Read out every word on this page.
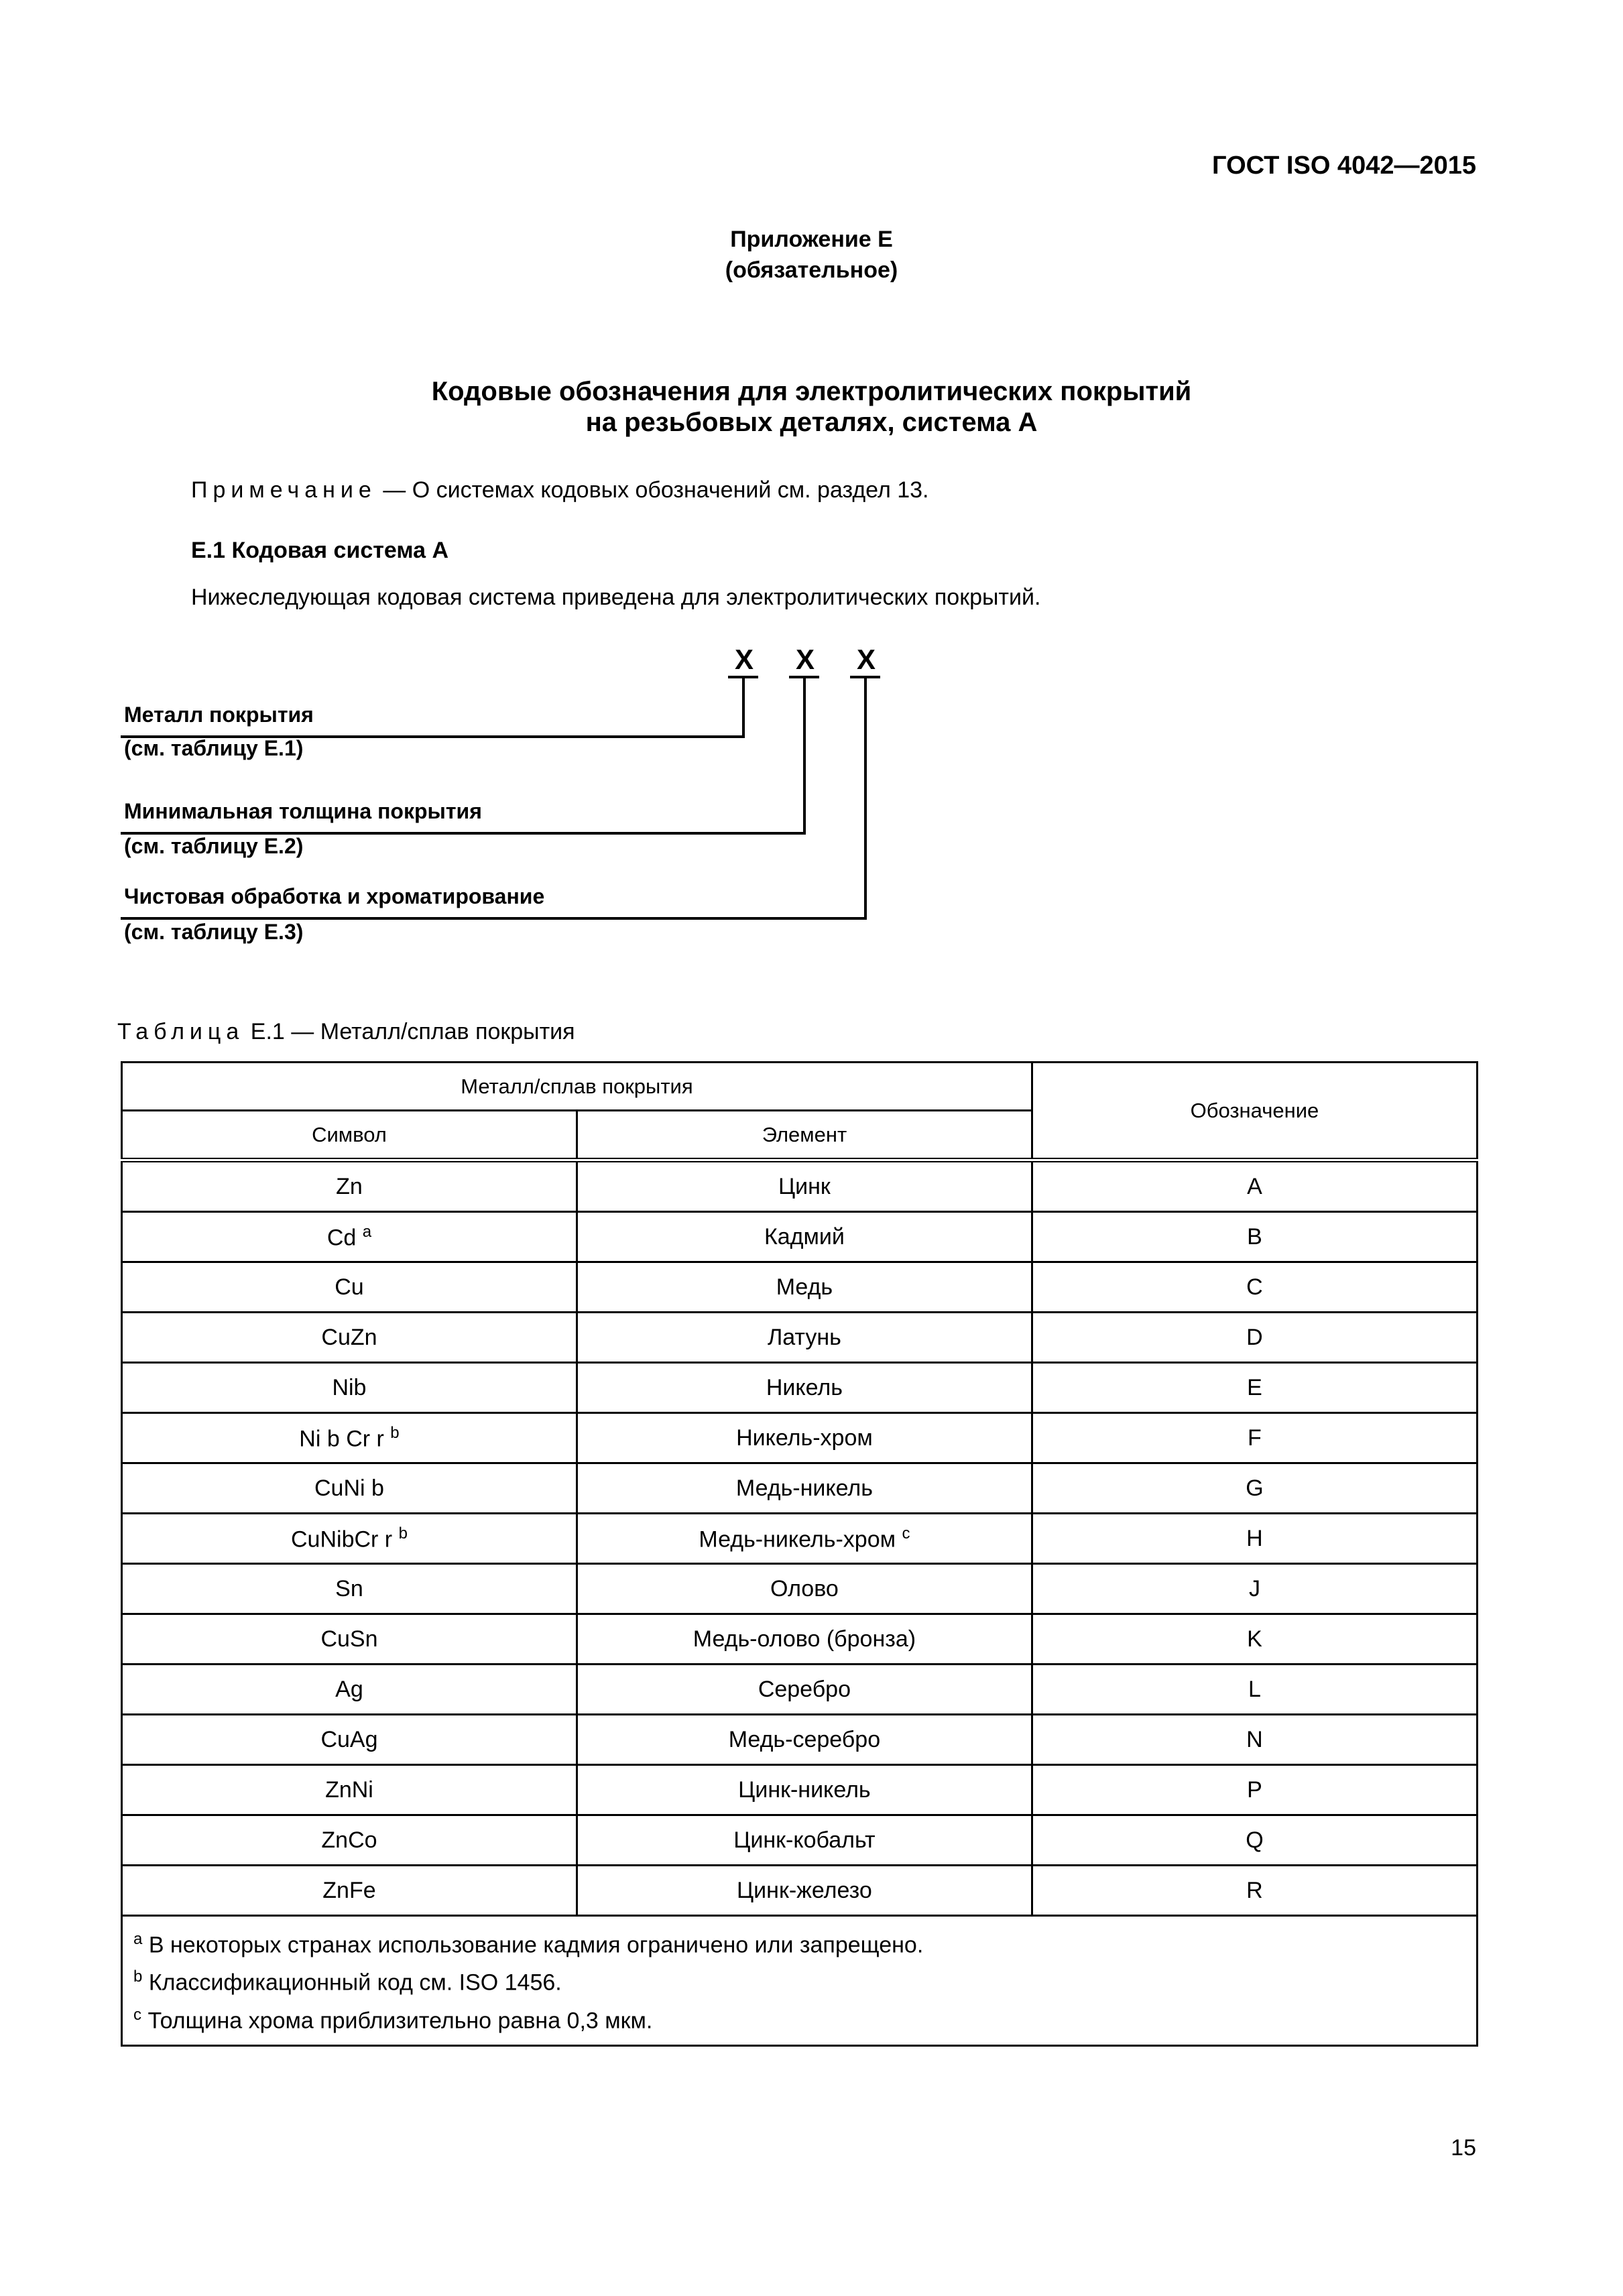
ГОСТ ISO 4042—2015
Приложение Е
(обязательное)
Кодовые обозначения для электролитических покрытий
на резьбовых деталях, система А
Примечание — О системах кодовых обозначений см. раздел 13.
Е.1 Кодовая система А
Нижеследующая кодовая система приведена для электролитических покрытий.
Х Х Х
Металл покрытия
(см. таблицу Е.1)
Минимальная толщина покрытия
(см. таблицу Е.2)
Чистовая обработка и хроматирование
(см. таблицу Е.3)
Таблица Е.1 — Металл/сплав покрытия
Металл/сплав покрытия		Обозначение
Символ	Элемент	
Zn	Цинк	A
Cd $^a$	Кадмий	B
Cu	Медь	C
CuZn	Латунь	D
Nib	Никель	E
Ni b Cr r $^b$	Никель-хром	F
CuNi b	Медь-никель	G
CuNibCr r $^b$	Медь-никель-хром $^c$	H
Sn	Олово	J
CuSn	Медь-олово (бронза)	K
Ag	Серебро	L
CuAg	Медь-серебро	N
ZnNi	Цинк-никель	P
ZnCo	Цинк-кобальт	Q
ZnFe	Цинк-железо	R

$^a$ В некоторых странах использование кадмия ограничено или запрещено.
$^b$ Классификационный код см. ISO 1456.
$^c$ Толщина хрома приблизительно равна 0,3 мкм.		
15
